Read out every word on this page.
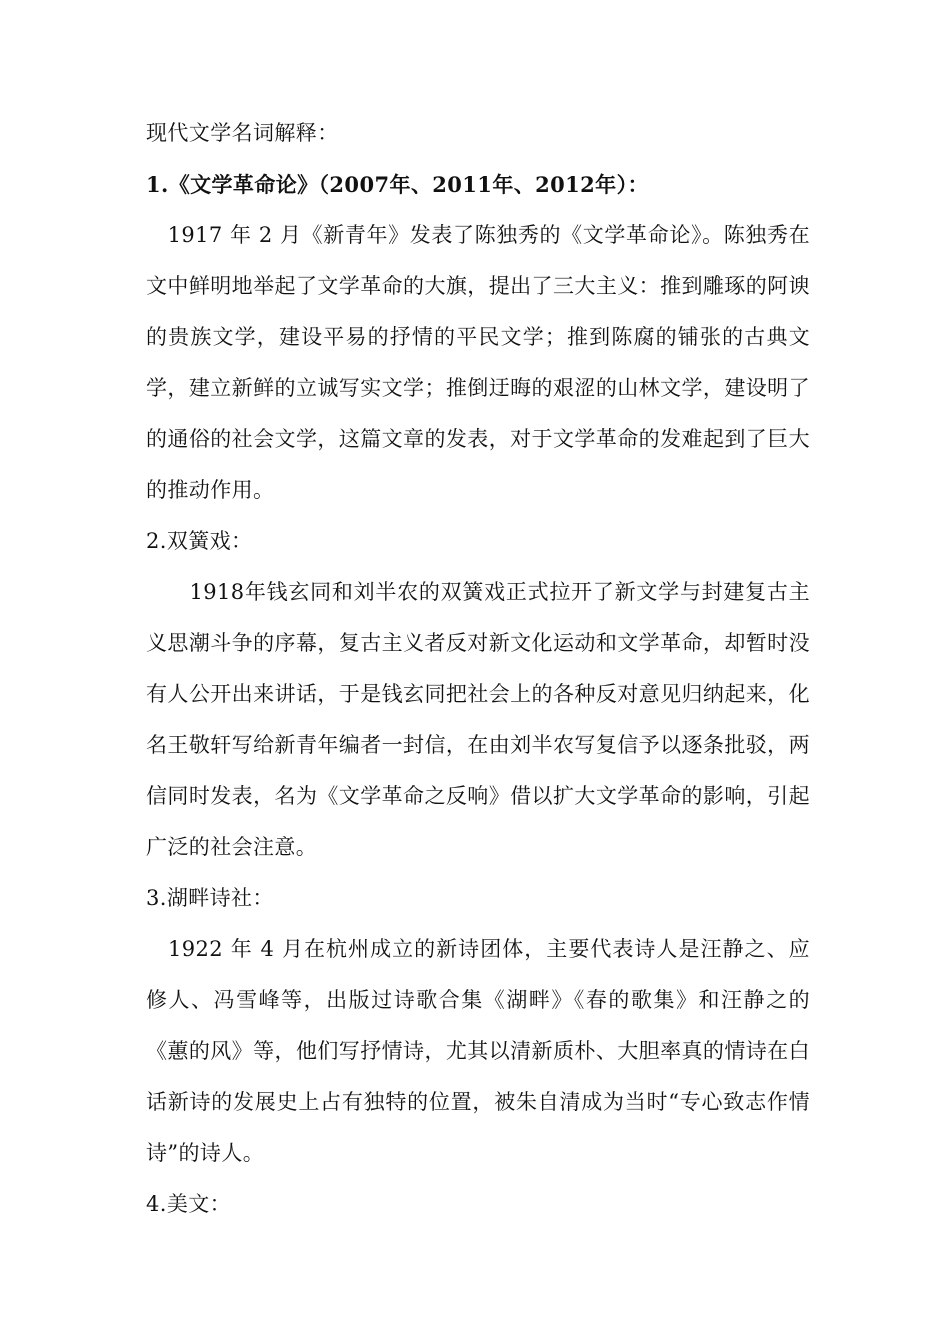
现代文学名词解释：

1.《文学革命论》（2007年、2011年、2012年）：

　1917 年 2 月《新青年》发表了陈独秀的《文学革命论》。陈独秀在文中鲜明地举起了文学革命的大旗，提出了三大主义：推到雕琢的阿谀的贵族文学，建设平易的抒情的平民文学；推到陈腐的铺张的古典文学，建立新鲜的立诚写实文学；推倒迂晦的艰涩的山林文学，建设明了的通俗的社会文学，这篇文章的发表，对于文学革命的发难起到了巨大的推动作用。

2.双簧戏：

　　1918年钱玄同和刘半农的双簧戏正式拉开了新文学与封建复古主义思潮斗争的序幕，复古主义者反对新文化运动和文学革命，却暂时没有人公开出来讲话，于是钱玄同把社会上的各种反对意见归纳起来，化名王敬轩写给新青年编者一封信，在由刘半农写复信予以逐条批驳，两信同时发表，名为《文学革命之反响》借以扩大文学革命的影响，引起广泛的社会注意。

3.湖畔诗社：

　1922 年 4 月在杭州成立的新诗团体，主要代表诗人是汪静之、应修人、冯雪峰等，出版过诗歌合集《湖畔》《春的歌集》和汪静之的《蕙的风》等，他们写抒情诗，尤其以清新质朴、大胆率真的情诗在白话新诗的发展史上占有独特的位置，被朱自清成为当时“专心致志作情诗”的诗人。

4.美文：
